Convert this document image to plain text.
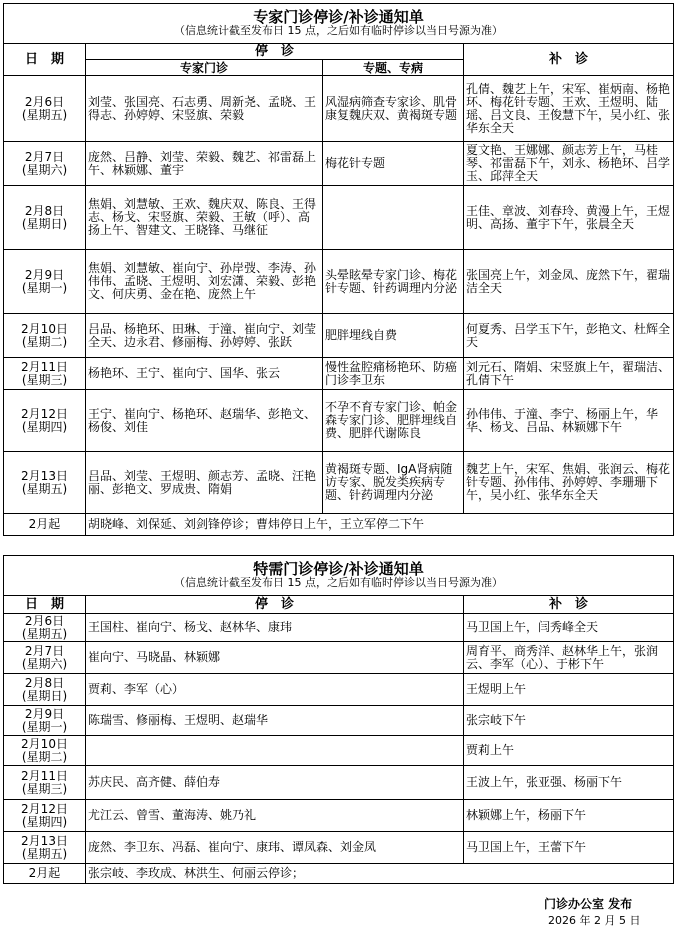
专家门诊停诊/补诊通知单
（信息统计截至发布日 15 点，之后如有临时停诊以当日号源为准）			

日　期	停　诊		补　诊
	专家门诊	专题、专病	

2月6日
(星期五)	刘莹、张国亮、石志勇、周新尧、孟晓、王得志、孙婷婷、宋竖旗、荣毅	风湿病筛查专家诊、肌骨康复魏庆双、黄褐斑专题	孔倩、魏艺上午，宋军、崔炳南、杨艳环、梅花针专题、王欢、王煜明、陆瑶、吕文良、王俊慧下午，吴小红、张华东全天

2月7日
(星期六)	庞然、吕静、刘莹、荣毅、魏艺、祁雷磊上午、林颖娜、董宇	梅花针专题	夏文艳、王娜娜、颜志芳上午，马桂琴、祁雷磊下午，刘永、杨艳环、吕学玉、邱萍全天

2月8日
(星期日)	焦娟、刘慧敏、王欢、魏庆双、陈良、王得志、杨戈、宋竖旗、荣毅、王敏（呼）、高扬上午、智建文、王晓锋、马继征		王佳、章波、刘春玲、黄漫上午，王煜明、高扬、董宇下午，张晨全天

2月9日
(星期一)	焦娟、刘慧敏、崔向宁、孙岸弢、李涛、孙伟伟、孟晓、王煜明、刘宏潇、荣毅、彭艳文、何庆勇、金在艳、庞然上午	头晕眩晕专家门诊、梅花针专题、针药调理内分泌	张国亮上午，刘金凤、庞然下午，翟瑞洁全天

2月10日
(星期二)	吕品、杨艳环、田琳、于潼、崔向宁、刘莹全天、边永君、修丽梅、孙婷婷、张跃	肥胖埋线自费	何夏秀、吕学玉下午，彭艳文、杜辉全天

2月11日
(星期三)	杨艳环、王宁、崔向宁、国华、张云	慢性盆腔痛杨艳环、防癌门诊李卫东	刘元石、隋娟、宋竖旗上午，翟瑞洁、孔倩下午

2月12日
(星期四)	王宁、崔向宁、杨艳环、赵瑞华、彭艳文、杨俊、刘佳	不孕不育专家门诊、帕金森专家门诊、肥胖埋线自费、肥胖代谢陈良	孙伟伟、于潼、李宁、杨丽上午，华华、杨戈、吕品、林颖娜下午

2月13日
(星期五)	吕品、刘莹、王煜明、颜志芳、孟晓、汪艳丽、彭艳文、罗成贵、隋娟	黄褐斑专题、IgA肾病随访专家、脱发类疾病专题、针药调理内分泌	魏艺上午，宋军、焦娟、张润云、梅花针专题、孙伟伟、孙婷婷、李珊珊下午，吴小红、张华东全天
2月起	胡晓峰、刘保延、刘剑锋停诊；曹炜停日上午，王立军停二下午		
特需门诊停诊/补诊通知单
（信息统计截至发布日 15 点，之后如有临时停诊以当日号源为准）		

日　期	停　诊	补　诊

2月6日
(星期五)	王国柱、崔向宁、杨戈、赵林华、康玮	马卫国上午，闫秀峰全天

2月7日
(星期六)	崔向宁、马晓晶、林颖娜	周育平、商秀洋、赵林华上午，张润云、李军（心）、于彬下午

2月8日
(星期日)	贾莉、李军（心）	王煜明上午

2月9日
(星期一)	陈瑞雪、修丽梅、王煜明、赵瑞华	张宗岐下午

2月10日
(星期二)		贾莉上午

2月11日
(星期三)	苏庆民、高齐健、薛伯寿	王波上午，张亚强、杨丽下午

2月12日
(星期四)	尤江云、曾雪、董海涛、姚乃礼	林颖娜上午，杨丽下午

2月13日
(星期五)	庞然、李卫东、冯磊、崔向宁、康玮、谭凤森、刘金凤	马卫国上午，王蕾下午
2月起	张宗岐、李玫成、林洪生、何丽云停诊；	
门诊办公室 发布
2026 年 2 月 5 日
